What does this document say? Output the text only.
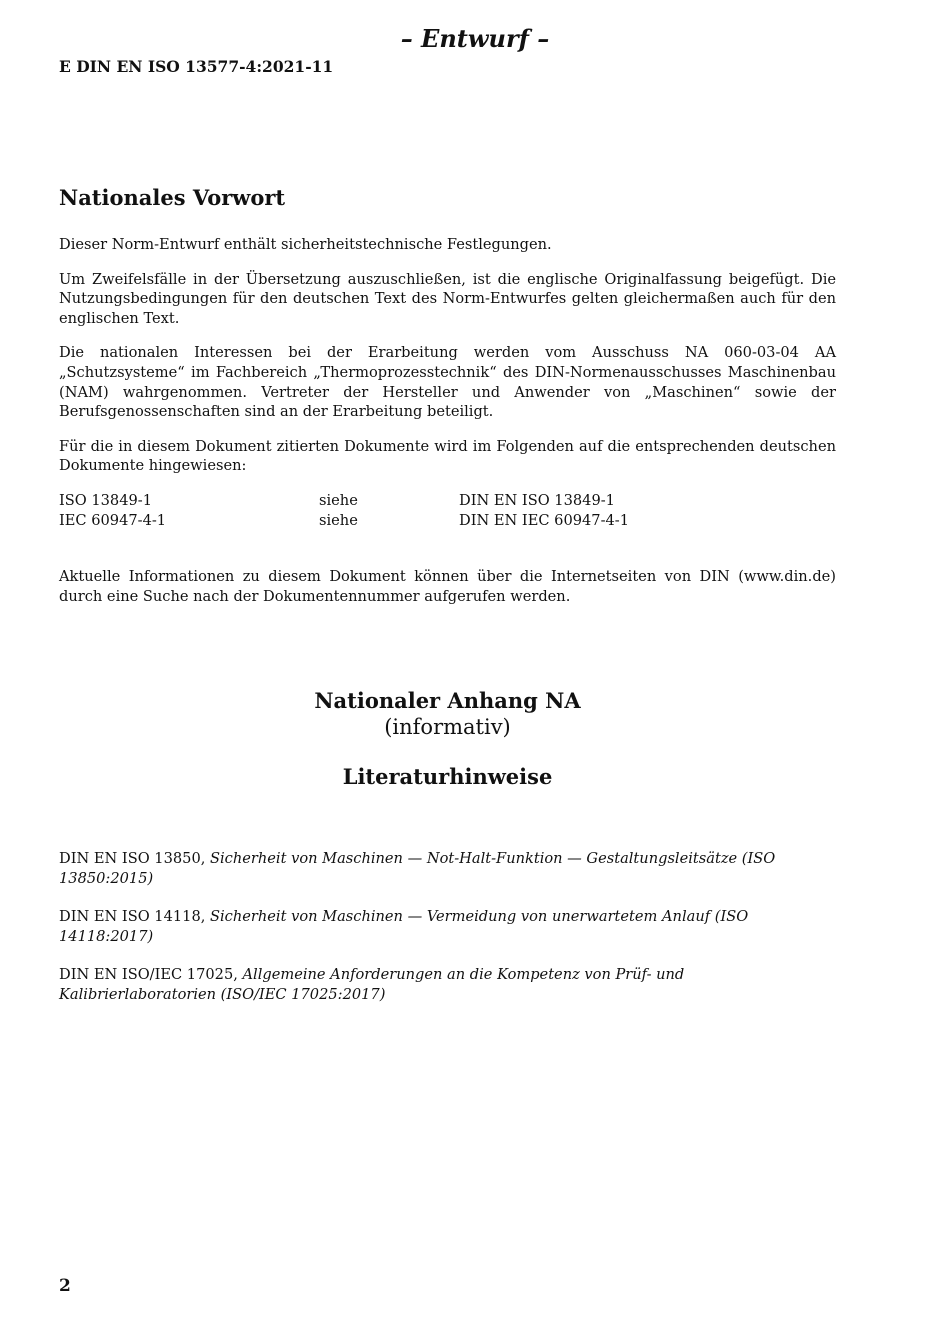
– Entwurf –
E DIN EN ISO 13577-4:2021-11
Nationales Vorwort

Dieser Norm-Entwurf enthält sicherheitstechnische Festlegungen.

Um Zweifelsfälle in der Übersetzung auszuschließen, ist die englische Originalfassung beigefügt. Die Nutzungsbedingungen für den deutschen Text des Norm-Entwurfes gelten gleichermaßen auch für den englischen Text.

Die nationalen Interessen bei der Erarbeitung werden vom Ausschuss NA 060-03-04 AA „Schutzsysteme“ im Fachbereich „Thermoprozesstechnik“ des DIN-Normenausschusses Maschinenbau (NAM) wahrgenommen. Vertreter der Hersteller und Anwender von „Maschinen“ sowie der Berufsgenossenschaften sind an der Erarbeitung beteiligt.

Für die in diesem Dokument zitierten Dokumente wird im Folgenden auf die entsprechenden deutschen Dokumente hingewiesen:

ISO 13849-1	siehe	DIN EN ISO 13849-1
IEC 60947-4-1	siehe	DIN EN IEC 60947-4-1

Aktuelle Informationen zu diesem Dokument können über die Internetseiten von DIN (www.din.de) durch eine Suche nach der Dokumentennummer aufgerufen werden.

Nationaler Anhang NA
(informativ)
Literaturhinweise

DIN EN ISO 13850, Sicherheit von Maschinen — Not-Halt-Funktion — Gestaltungsleitsätze (ISO 13850:2015)

DIN EN ISO 14118, Sicherheit von Maschinen — Vermeidung von unerwartetem Anlauf (ISO 14118:2017)

DIN EN ISO/IEC 17025, Allgemeine Anforderungen an die Kompetenz von Prüf- und Kalibrierlaboratorien (ISO/IEC 17025:2017)

2
